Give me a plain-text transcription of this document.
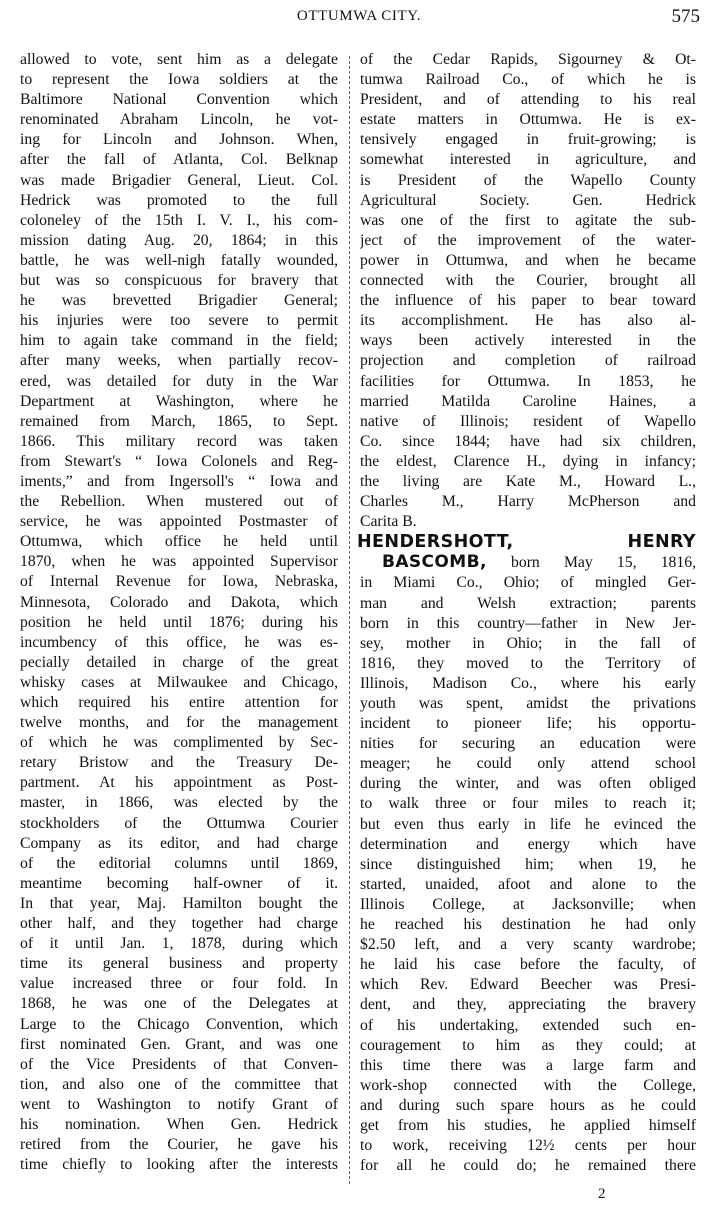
OTTUMWA CITY.	575
allowed to vote, sent him as a delegate
to represent the Iowa soldiers at the
Baltimore National Convention which
renominated Abraham Lincoln, he vot-
ing for Lincoln and Johnson. When,
after the fall of Atlanta, Col. Belknap
was made Brigadier General, Lieut. Col.
Hedrick was promoted to the full
coloneley of the 15th I. V. I., his com-
mission dating Aug. 20, 1864; in this
battle, he was well-nigh fatally wounded,
but was so conspicuous for bravery that
he was brevetted Brigadier General;
his injuries were too severe to permit
him to again take command in the field;
after many weeks, when partially recov-
ered, was detailed for duty in the War
Department at Washington, where he
remained from March, 1865, to Sept.
1866. This military record was taken
from Stewart's “ Iowa Colonels and Reg-
iments,” and from Ingersoll's “ Iowa and
the Rebellion. When mustered out of
service, he was appointed Postmaster of
Ottumwa, which office he held until
1870, when he was appointed Supervisor
of Internal Revenue for Iowa, Nebraska,
Minnesota, Colorado and Dakota, which
position he held until 1876; during his
incumbency of this office, he was es-
pecially detailed in charge of the great
whisky cases at Milwaukee and Chicago,
which required his entire attention for
twelve months, and for the management
of which he was complimented by Sec-
retary Bristow and the Treasury De-
partment. At his appointment as Post-
master, in 1866, was elected by the
stockholders of the Ottumwa Courier
Company as its editor, and had charge
of the editorial columns until 1869,
meantime becoming half-owner of it.
In that year, Maj. Hamilton bought the
other half, and they together had charge
of it until Jan. 1, 1878, during which
time its general business and property
value increased three or four fold. In
1868, he was one of the Delegates at
Large to the Chicago Convention, which
first nominated Gen. Grant, and was one
of the Vice Presidents of that Conven-
tion, and also one of the committee that
went to Washington to notify Grant of
his nomination. When Gen. Hedrick
retired from the Courier, he gave his
time chiefly to looking after the interests
of the Cedar Rapids, Sigourney & Ot-
tumwa Railroad Co., of which he is
President, and of attending to his real
estate matters in Ottumwa. He is ex-
tensively engaged in fruit-growing; is
somewhat interested in agriculture, and
is President of the Wapello County
Agricultural Society. Gen. Hedrick
was one of the first to agitate the sub-
ject of the improvement of the water-
power in Ottumwa, and when he became
connected with the Courier, brought all
the influence of his paper to bear toward
its accomplishment. He has also al-
ways been actively interested in the
projection and completion of railroad
facilities for Ottumwa. In 1853, he
married Matilda Caroline Haines, a
native of Illinois; resident of Wapello
Co. since 1844; have had six children,
the eldest, Clarence H., dying in infancy;
the living are Kate M., Howard L.,
Charles M., Harry McPherson and
Carita B.
HENDERSHOTT, HENRY
BASCOMB, born May 15, 1816,
in Miami Co., Ohio; of mingled Ger-
man and Welsh extraction; parents
born in this country—father in New Jer-
sey, mother in Ohio; in the fall of
1816, they moved to the Territory of
Illinois, Madison Co., where his early
youth was spent, amidst the privations
incident to pioneer life; his opportu-
nities for securing an education were
meager; he could only attend school
during the winter, and was often obliged
to walk three or four miles to reach it;
but even thus early in life he evinced the
determination and energy which have
since distinguished him; when 19, he
started, unaided, afoot and alone to the
Illinois College, at Jacksonville; when
he reached his destination he had only
$2.50 left, and a very scanty wardrobe;
he laid his case before the faculty, of
which Rev. Edward Beecher was Presi-
dent, and they, appreciating the bravery
of his undertaking, extended such en-
couragement to him as they could; at
this time there was a large farm and
work-shop connected with the College,
and during such spare hours as he could
get from his studies, he applied himself
to work, receiving 12½ cents per hour
for all he could do; he remained there
2
